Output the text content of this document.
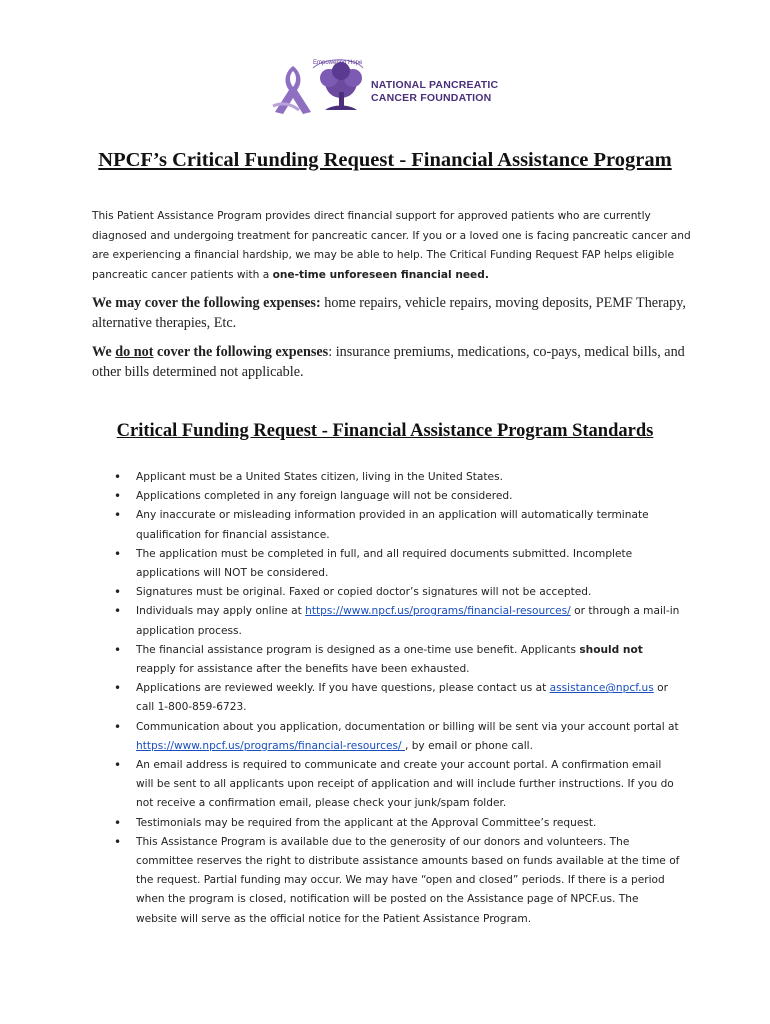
NATIONAL PANCREATIC
CANCER FOUNDATION
Empowering Hope
NPCF’s Critical Funding Request - Financial Assistance Program

This Patient Assistance Program provides direct financial support for approved patients who are currently diagnosed and undergoing treatment for pancreatic cancer. If you or a loved one is facing pancreatic cancer and are experiencing a financial hardship, we may be able to help. The Critical Funding Request FAP helps eligible pancreatic cancer patients with a one-time unforeseen financial need.

We may cover the following expenses: home repairs, vehicle repairs, moving deposits, PEMF Therapy, alternative therapies, Etc.

We do not cover the following expenses: insurance premiums, medications, co-pays, medical bills, and other bills determined not applicable.

Critical Funding Request - Financial Assistance Program Standards
• Applicant must be a United States citizen, living in the United States.
• Applications completed in any foreign language will not be considered.
• Any inaccurate or misleading information provided in an application will automatically terminate qualification for financial assistance.
• The application must be completed in full, and all required documents submitted. Incomplete applications will NOT be considered.
• Signatures must be original. Faxed or copied doctor’s signatures will not be accepted.
• Individuals may apply online at https://www.npcf.us/programs/financial-resources/ or through a mail-in application process.
• The financial assistance program is designed as a one-time use benefit. Applicants should not reapply for assistance after the benefits have been exhausted.
• Applications are reviewed weekly. If you have questions, please contact us at assistance@npcf.us or call 1-800-859-6723.
• Communication about you application, documentation or billing will be sent via your account portal at https://www.npcf.us/programs/financial-resources/ , by email or phone call.
• An email address is required to communicate and create your account portal. A confirmation email will be sent to all applicants upon receipt of application and will include further instructions. If you do not receive a confirmation email, please check your junk/spam folder.
• Testimonials may be required from the applicant at the Approval Committee’s request.
• This Assistance Program is available due to the generosity of our donors and volunteers. The committee reserves the right to distribute assistance amounts based on funds available at the time of the request. Partial funding may occur. We may have “open and closed” periods. If there is a period when the program is closed, notification will be posted on the Assistance page of NPCF.us. The website will serve as the official notice for the Patient Assistance Program.
